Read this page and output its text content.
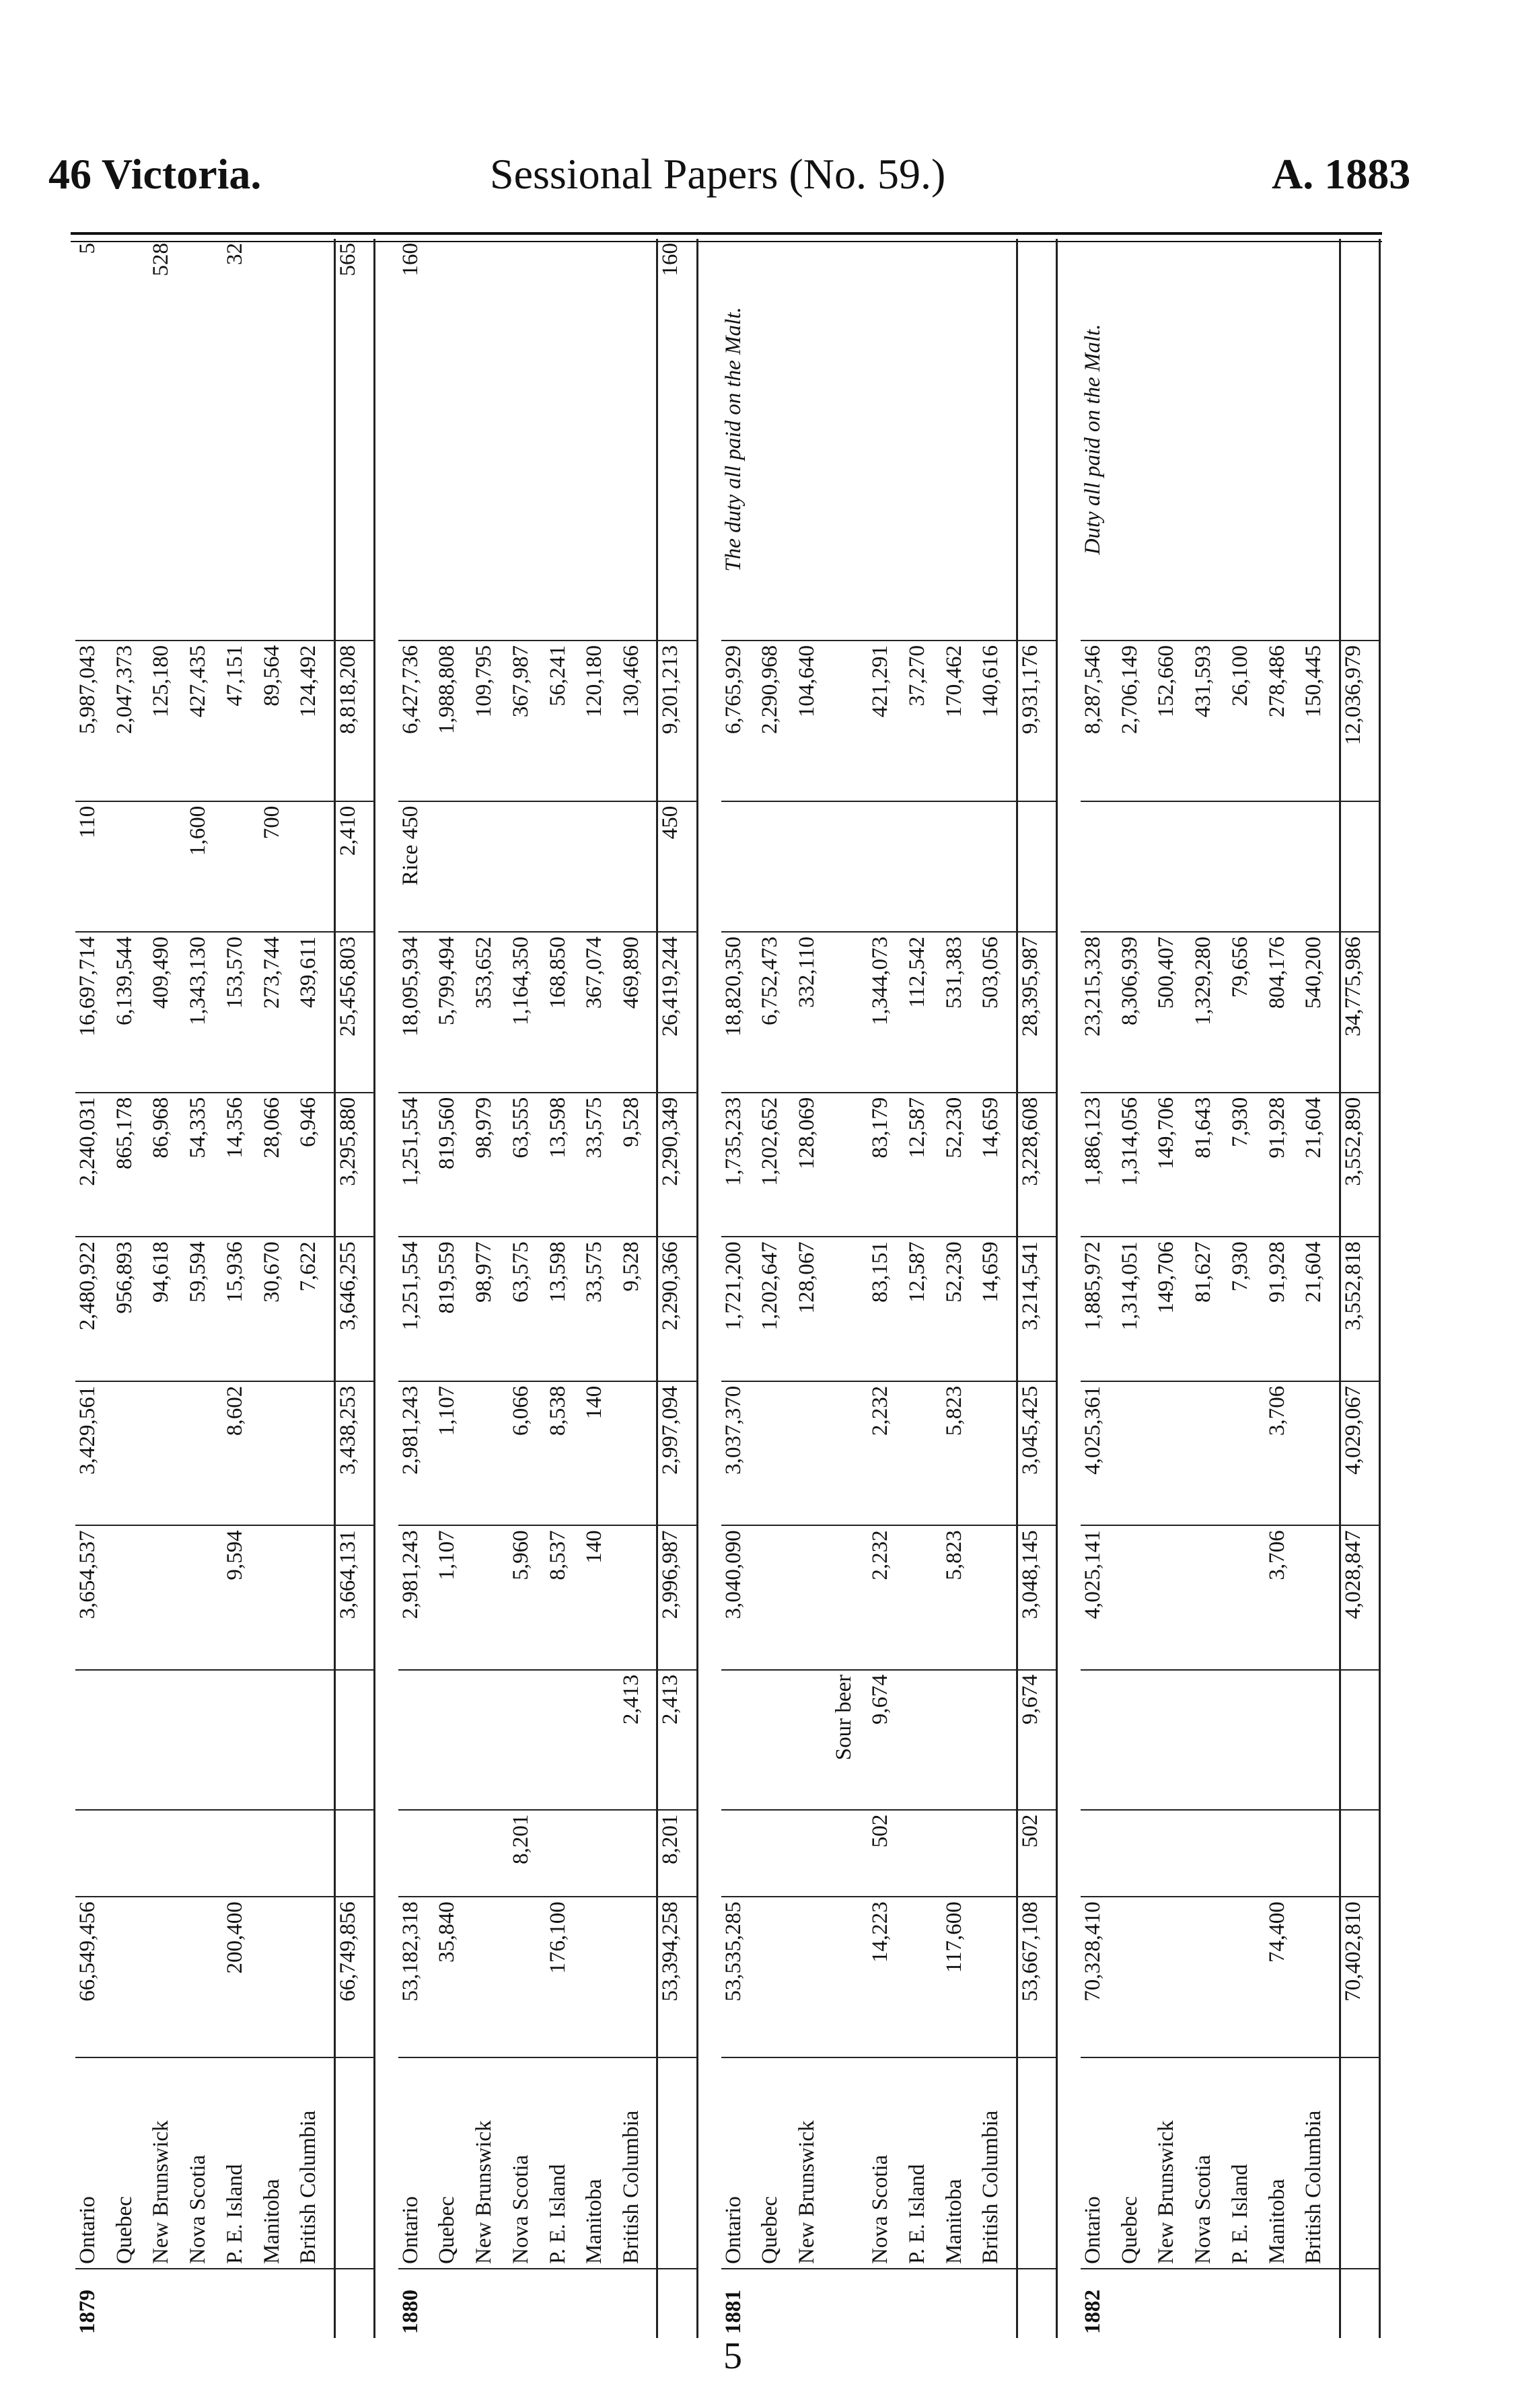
46 Victoria.	Sessional Papers (No. 59.)	A. 1883
1879	Ontario	66,549,456			3,654,537	3,429,561	2,480,922	2,240,031	16,697,714	110	5,987,043	5
	Quebec						956,893	865,178	6,139,544		2,047,373	
	New Brunswick						94,618	86,968	409,490		125,180	528
	Nova Scotia						59,594	54,335	1,343,130	1,600	427,435	
	P. E. Island	200,400			9,594	8,602	15,936	14,356	153,570		47,151	32
	Manitoba						30,670	28,066	273,744	700	89,564	
	British Columbia						7,622	6,946	439,611		124,492	
		66,749,856			3,664,131	3,438,253	3,646,255	3,295,880	25,456,803	2,410	8,818,208	565

1880	Ontario	53,182,318			2,981,243	2,981,243	1,251,554	1,251,554	18,095,934	Rice 450	6,427,736	160
	Quebec	35,840			1,107	1,107	819,559	819,560	5,799,494		1,988,808	
	New Brunswick						98,977	98,979	353,652		109,795	
	Nova Scotia		8,201		5,960	6,066	63,575	63,555	1,164,350		367,987	
	P. E. Island	176,100			8,537	8,538	13,598	13,598	168,850		56,241	
	Manitoba				140	140	33,575	33,575	367,074		120,180	
	British Columbia			2,413			9,528	9,528	469,890		130,466	
		53,394,258	8,201	2,413	2,996,987	2,997,094	2,290,366	2,290,349	26,419,244	450	9,201,213	160

1881	Ontario	53,535,285			3,040,090	3,037,370	1,721,200	1,735,233	18,820,350		6,765,929	The duty all paid on the Malt.
	Quebec						1,202,647	1,202,652	6,752,473		2,290,968	
	New Brunswick						128,067	128,069	332,110		104,640	
				Sour beer								
	Nova Scotia	14,223	502	9,674	2,232	2,232	83,151	83,179	1,344,073		421,291	
	P. E. Island						12,587	12,587	112,542		37,270	
	Manitoba	117,600			5,823	5,823	52,230	52,230	531,383		170,462	
	British Columbia						14,659	14,659	503,056		140,616	
		53,667,108	502	9,674	3,048,145	3,045,425	3,214,541	3,228,608	28,395,987		9,931,176	

1882	Ontario	70,328,410			4,025,141	4,025,361	1,885,972	1,886,123	23,215,328		8,287,546	Duty all paid on the Malt.
	Quebec						1,314,051	1,314,056	8,306,939		2,706,149	
	New Brunswick						149,706	149,706	500,407		152,660	
	Nova Scotia						81,627	81,643	1,329,280		431,593	
	P. E. Island						7,930	7,930	79,656		26,100	
	Manitoba	74,400			3,706	3,706	91,928	91,928	804,176		278,486	
	British Columbia						21,604	21,604	540,200		150,445	
		70,402,810			4,028,847	4,029,067	3,552,818	3,552,890	34,775,986		12,036,979	
5
